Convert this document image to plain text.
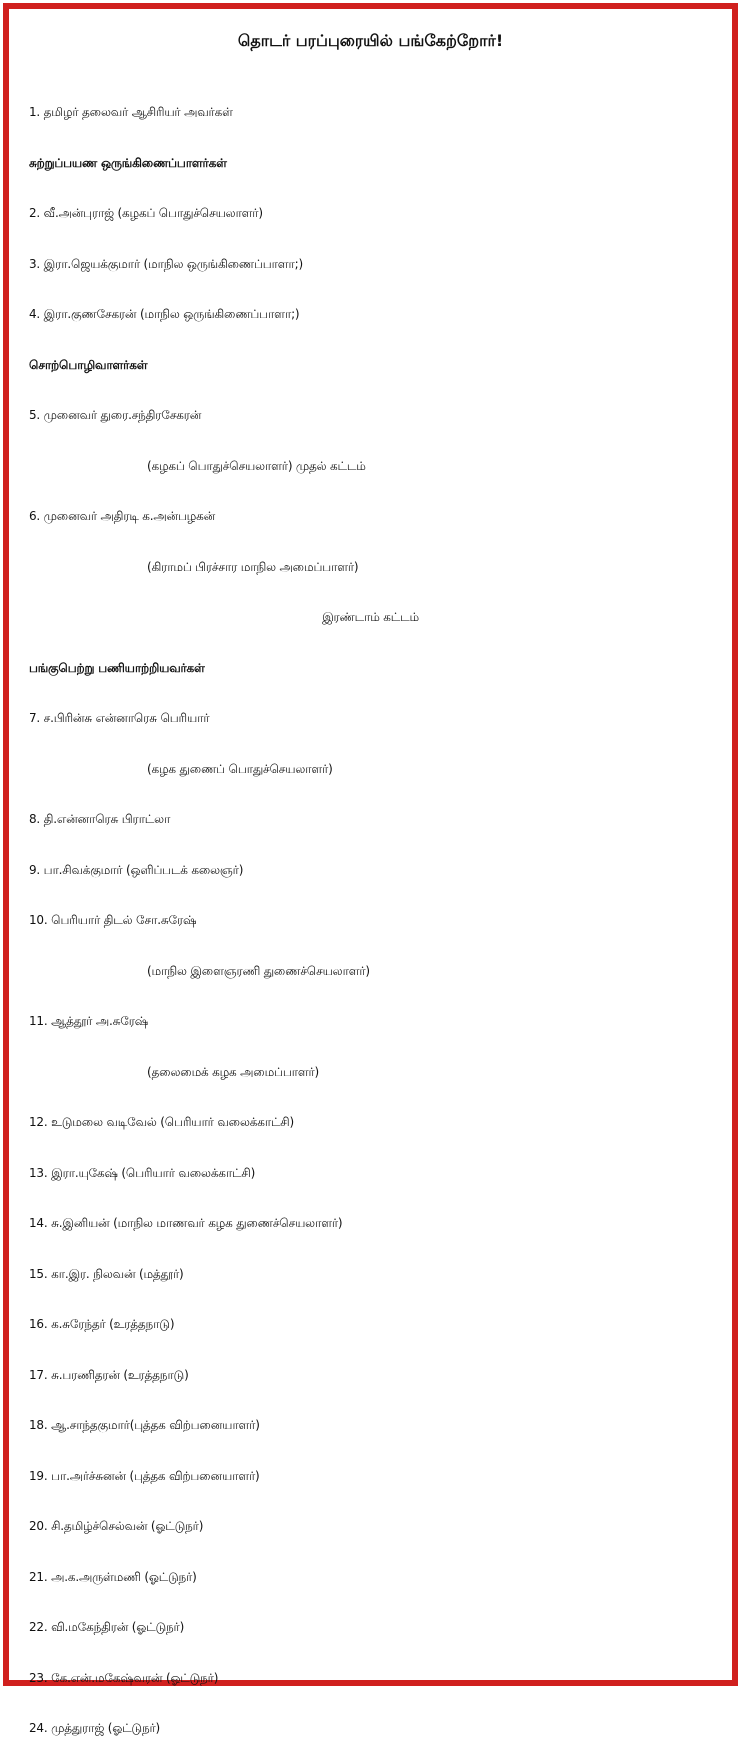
தொடர் பரப்புரையில் பங்கேற்றோர்!
1. தமிழர் தலைவர் ஆசிரியர் அவர்கள்
சுற்றுப்பயண ஒருங்கிணைப்பாளர்கள்
2. வீ.அன்புராஜ் (கழகப் பொதுச்செயலாளர்)
3. இரா.ஜெயக்குமார் (மாநில ஒருங்கிணைப்பாளா;)
4. இரா.குணசேகரன் (மாநில ஒருங்கிணைப்பாளா;)
சொற்பொழிவாளர்கள்
5. முனைவர் துரை.சந்திரசேகரன்
(கழகப் பொதுச்செயலாளர்) முதல் கட்டம்
6. முனைவர் அதிரடி க.அன்பழகன்
(கிராமப் பிரச்சார மாநில அமைப்பாளர்)
இரண்டாம் கட்டம்
பங்குபெற்று பணியாற்றியவர்கள்
7. ச.பிரின்சு என்னாரெசு பெரியார்
(கழக துணைப் பொதுச்செயலாளர்)
8. தி.என்னாரெசு பிராட்லா
9. பா.சிவக்குமார் (ஒளிப்படக் கலைஞர்)
10. பெரியார் திடல் சோ.சுரேஷ்
(மாநில இளைஞரணி துணைச்செயலாளர்)
11. ஆத்தூர் அ.சுரேஷ்
(தலைமைக் கழக அமைப்பாளர்)
12. உடுமலை வடிவேல் (பெரியார் வலைக்காட்சி)
13. இரா.யுகேஷ் (பெரியார் வலைக்காட்சி)
14. சு.இனியன் (மாநில மாணவர் கழக துணைச்செயலாளர்)
15. கா.இர. நிலவன் (மத்தூர்)
16. க.சுரேந்தர் (உரத்தநாடு)
17. சு.பரணிதரன் (உரத்தநாடு)
18. ஆ.சாந்தகுமார்(புத்தக விற்பனையாளர்)
19. பா.அர்ச்சுனன் (புத்தக விற்பனையாளர்)
20. சி.தமிழ்ச்செல்வன் (ஓட்டுநர்)
21. அ.க.அருள்மணி (ஓட்டுநர்)
22. வி.மகேந்திரன் (ஓட்டுநர்)
23. கே.என்.மகேஷ்வரன் (ஓட்டுநர்)
24. முத்துராஜ் (ஓட்டுநர்)
